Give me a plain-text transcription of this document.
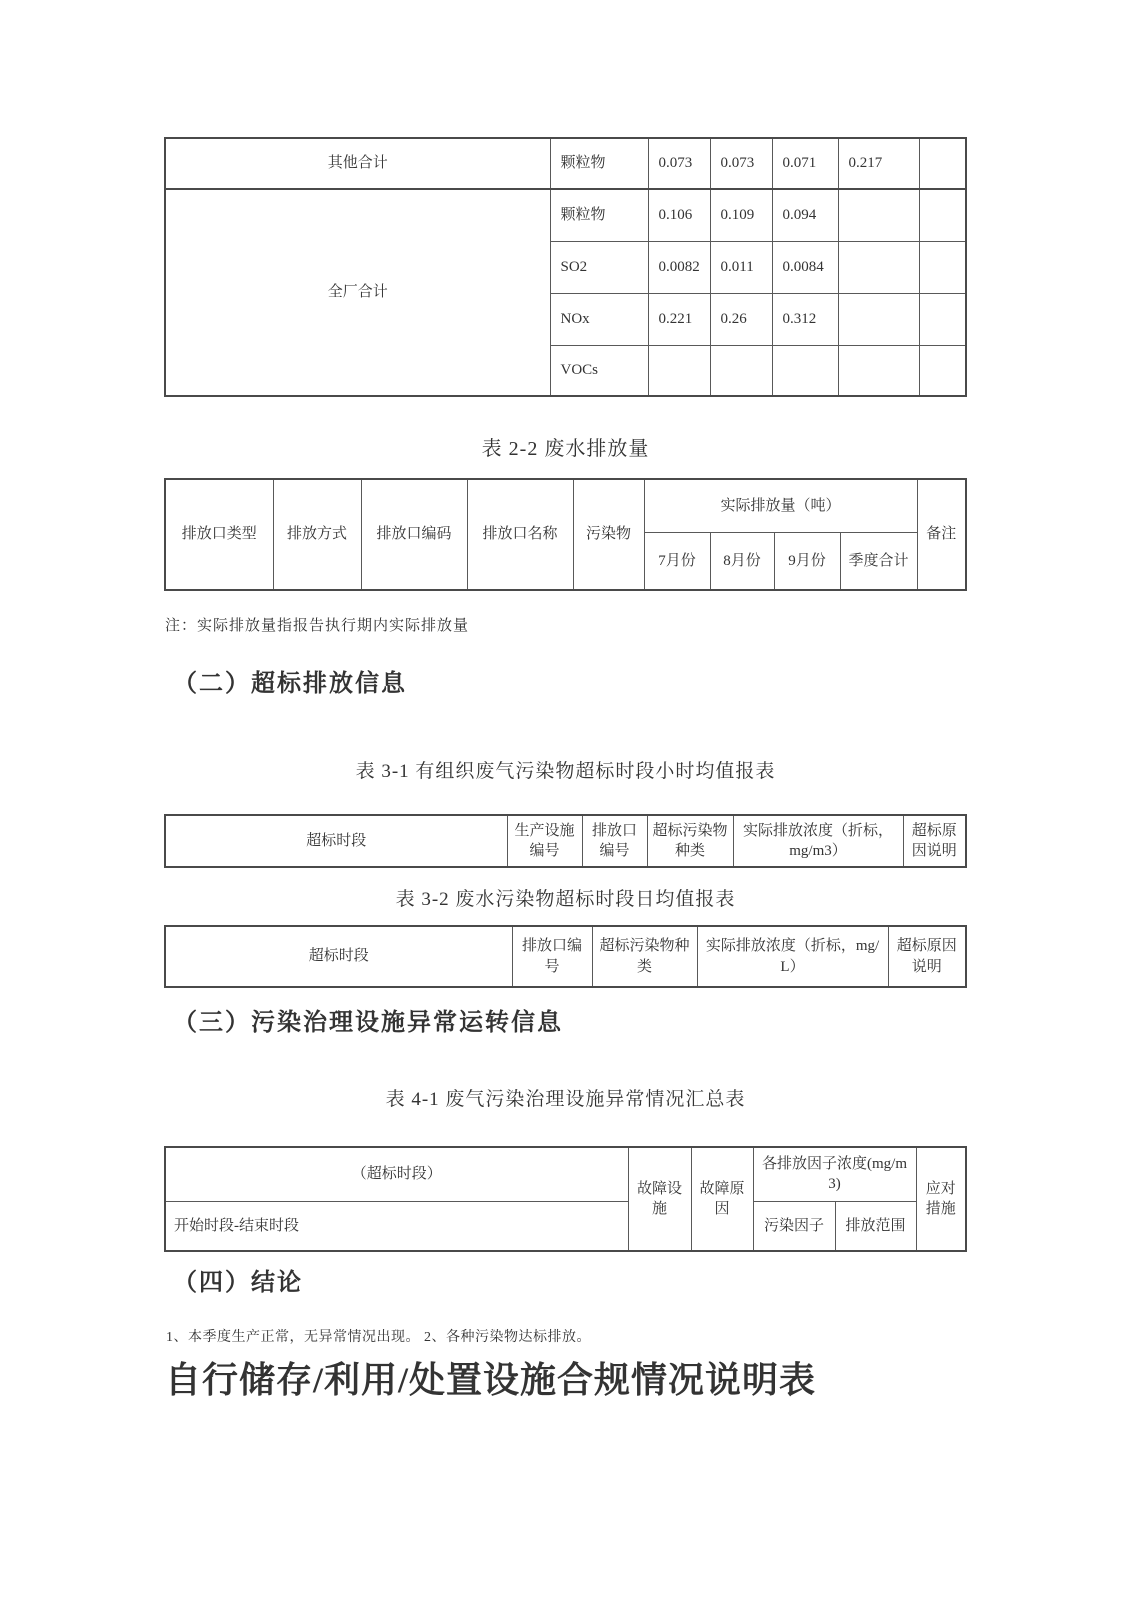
其他合计	颗粒物	0.073	0.073	0.071	0.217	
全厂合计	颗粒物	0.106	0.109	0.094		
	SO2	0.0082	0.011	0.0084		
	NOx	0.221	0.26	0.312		
	VOCs					
表 2-2 废水排放量
排放口类型	排放方式	排放口编码	排放口名称	污染物	实际排放量（吨）				备注
					7月份	8月份	9月份	季度合计	
注：实际排放量指报告执行期内实际排放量
（二）超标排放信息
表 3-1 有组织废气污染物超标时段小时均值报表
超标时段	生产设施编号	排放口编号	超标污染物种类	实际排放浓度（折标，mg/m3）	超标原因说明
表 3-2 废水污染物超标时段日均值报表
超标时段	排放口编号	超标污染物种类	实际排放浓度（折标，mg/L）	超标原因说明
（三）污染治理设施异常运转信息
表 4-1 废气污染治理设施异常情况汇总表
（超标时段）	故障设施	故障原因	各排放因子浓度(mg/m3)		应对措施
开始时段-结束时段			污染因子	排放范围	
（四）结论
1、本季度生产正常，无异常情况出现。 2、各种污染物达标排放。
自行储存/利用/处置设施合规情况说明表
